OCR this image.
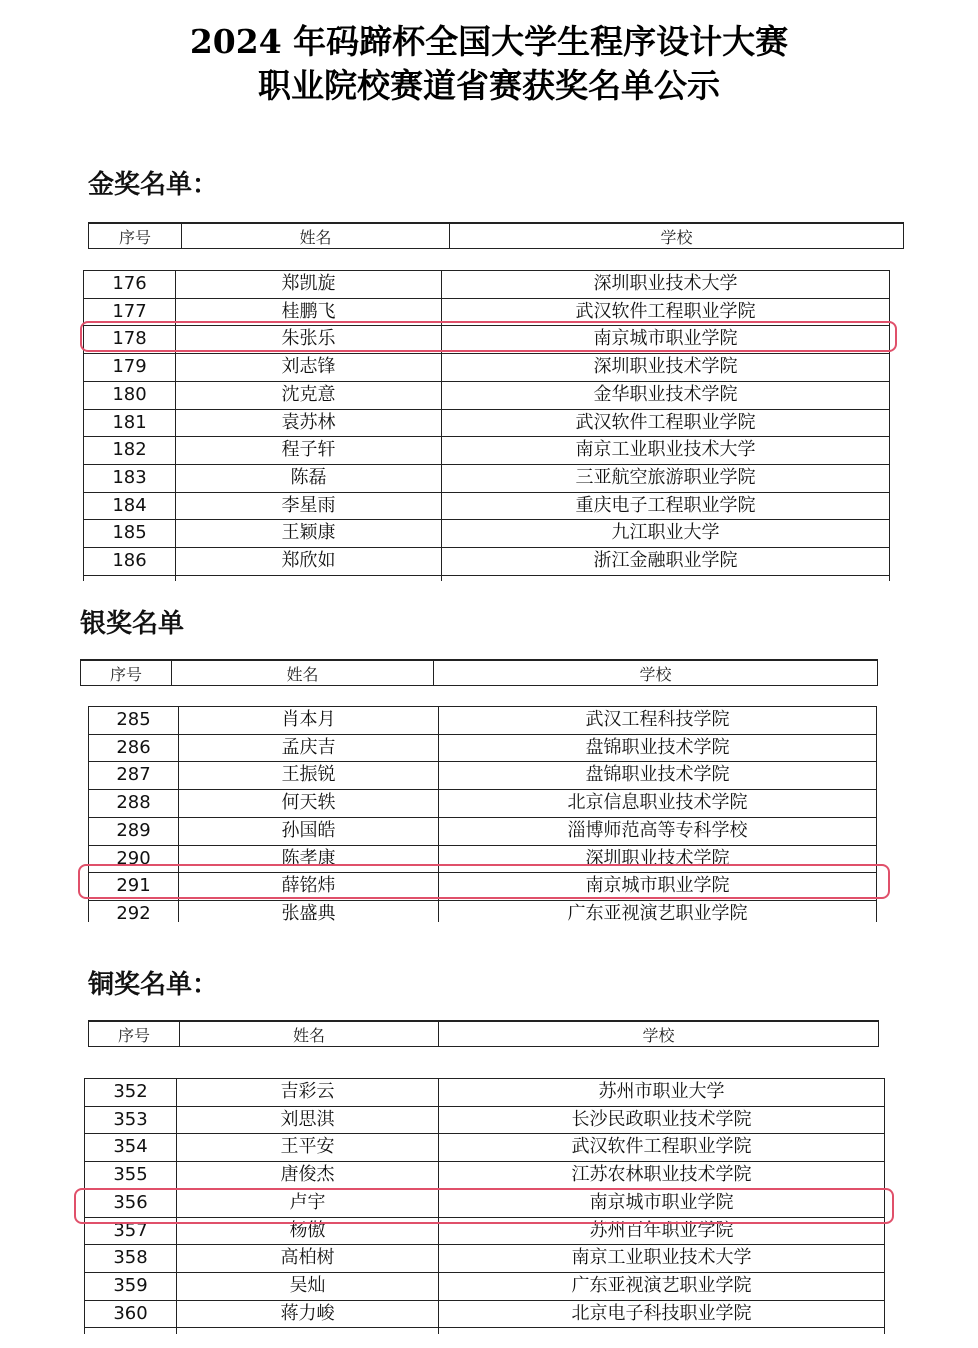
2024 年码蹄杯全国大学生程序设计大赛
职业院校赛道省赛获奖名单公示
金奖名单：
序号	姓名	学校
176	郑凯旋	深圳职业技术大学
177	桂鹏飞	武汉软件工程职业学院
178	朱张乐	南京城市职业学院
179	刘志锋	深圳职业技术学院
180	沈克意	金华职业技术学院
181	袁苏林	武汉软件工程职业学院
182	程子轩	南京工业职业技术大学
183	陈磊	三亚航空旅游职业学院
184	李星雨	重庆电子工程职业学院
185	王颖康	九江职业大学
186	郑欣如	浙江金融职业学院

银奖名单
序号	姓名	学校
285	肖本月	武汉工程科技学院
286	孟庆吉	盘锦职业技术学院
287	王振锐	盘锦职业技术学院
288	何天轶	北京信息职业技术学院
289	孙国皓	淄博师范高等专科学校
290	陈孝康	深圳职业技术学院
291	薛铭炜	南京城市职业学院
292	张盛典	广东亚视演艺职业学院

铜奖名单：
序号	姓名	学校
352	吉彩云	苏州市职业大学
353	刘思淇	长沙民政职业技术学院
354	王平安	武汉软件工程职业学院
355	唐俊杰	江苏农林职业技术学院
356	卢宇	南京城市职业学院
357	杨傲	苏州百年职业学院
358	高柏树	南京工业职业技术大学
359	吴灿	广东亚视演艺职业学院
360	蒋力峻	北京电子科技职业学院
